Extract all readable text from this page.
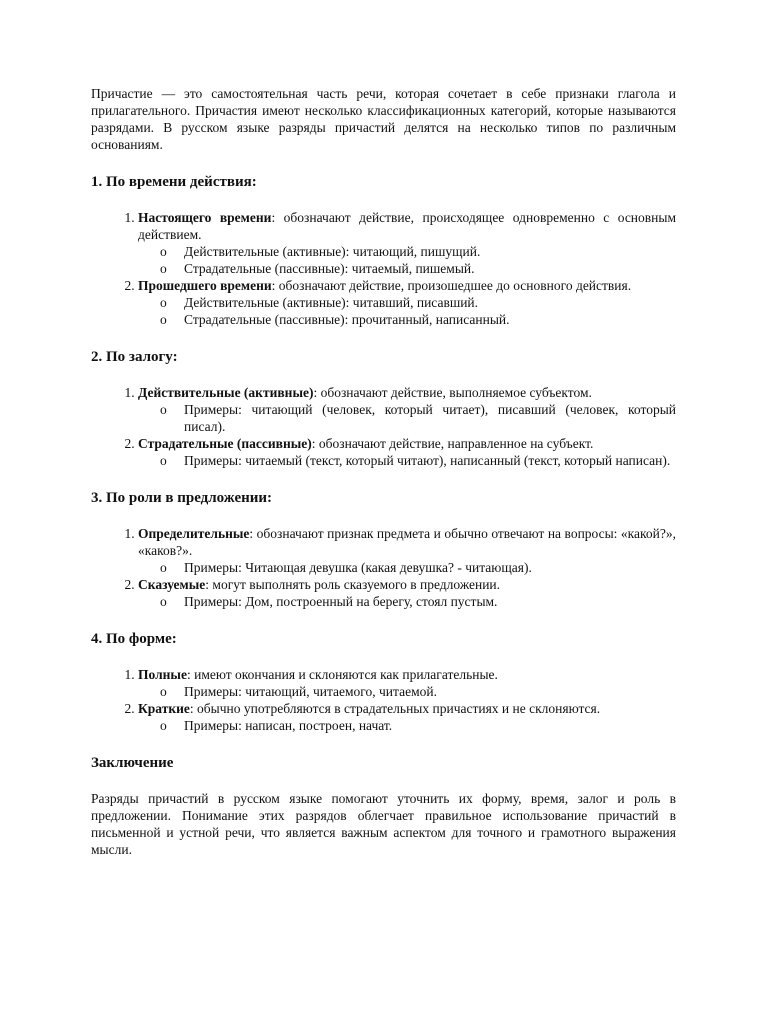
Причастие — это самостоятельная часть речи, которая сочетает в себе признаки глагола и прилагательного. Причастия имеют несколько классификационных категорий, которые называются разрядами. В русском языке разряды причастий делятся на несколько типов по различным основаниям.

1. По времени действия:
1. Настоящего времени: обозначают действие, происходящее одновременно с основным действием.
o Действительные (активные): читающий, пишущий.
o Страдательные (пассивные): читаемый, пишемый.
2. Прошедшего времени: обозначают действие, произошедшее до основного действия.
o Действительные (активные): читавший, писавший.
o Страдательные (пассивные): прочитанный, написанный.
2. По залогу:
1. Действительные (активные): обозначают действие, выполняемое субъектом.
o Примеры: читающий (человек, который читает), писавший (человек, который писал).
2. Страдательные (пассивные): обозначают действие, направленное на субъект.
o Примеры: читаемый (текст, который читают), написанный (текст, который написан).
3. По роли в предложении:
1. Определительные: обозначают признак предмета и обычно отвечают на вопросы: «какой?», «каков?».
o Примеры: Читающая девушка (какая девушка? - читающая).
2. Сказуемые: могут выполнять роль сказуемого в предложении.
o Примеры: Дом, построенный на берегу, стоял пустым.
4. По форме:
1. Полные: имеют окончания и склоняются как прилагательные.
o Примеры: читающий, читаемого, читаемой.
2. Краткие: обычно употребляются в страдательных причастиях и не склоняются.
o Примеры: написан, построен, начат.
Заключение

Разряды причастий в русском языке помогают уточнить их форму, время, залог и роль в предложении. Понимание этих разрядов облегчает правильное использование причастий в письменной и устной речи, что является важным аспектом для точного и грамотного выражения мысли.
